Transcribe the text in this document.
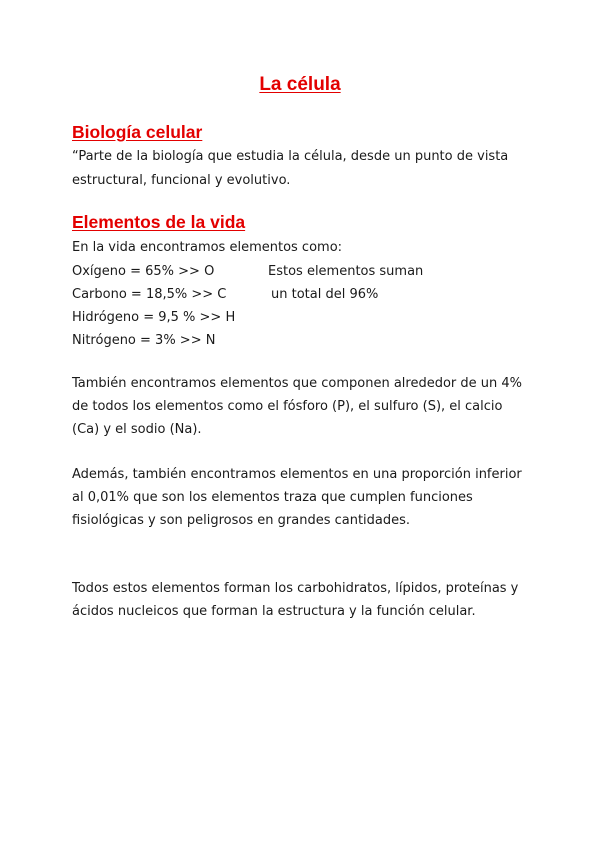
La célula
Biología celular
“Parte de la biología que estudia la célula, desde un punto de vista
estructural, funcional y evolutivo.
Elementos de la vida
En la vida encontramos elementos como:
Oxígeno = 65% >> O
Carbono = 18,5% >> C
Hidrógeno = 9,5 % >> H
Nitrógeno = 3% >> N
Estos elementos suman
un total del 96%
También encontramos elementos que componen alrededor de un 4%
de todos los elementos como el fósforo (P), el sulfuro (S), el calcio
(Ca) y el sodio (Na).
Además, también encontramos elementos en una proporción inferior
al 0,01% que son los elementos traza que cumplen funciones
fisiológicas y son peligrosos en grandes cantidades.
Todos estos elementos forman los carbohidratos, lípidos, proteínas y
ácidos nucleicos que forman la estructura y la función celular.
